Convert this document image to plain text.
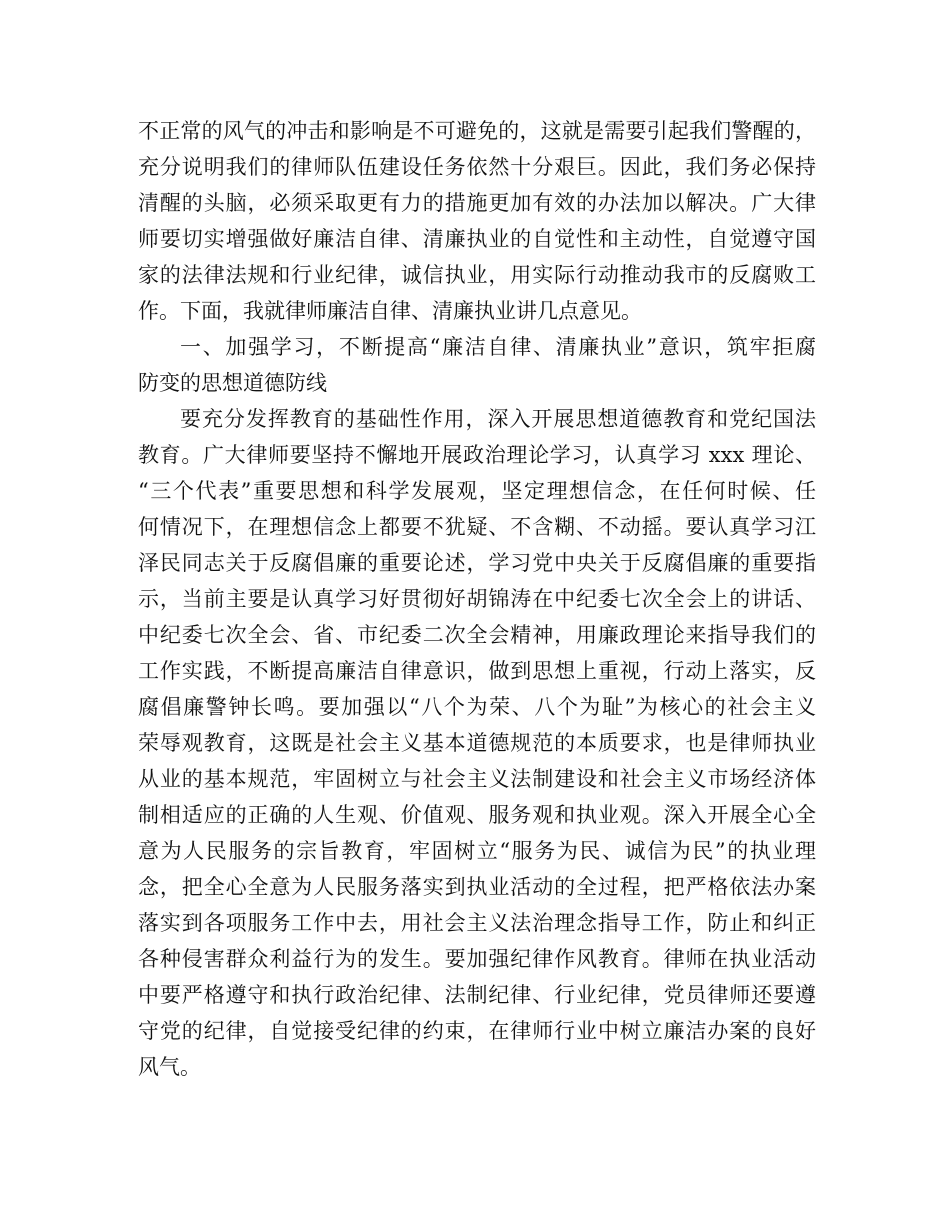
不正常的风气的冲击和影响是不可避免的，这就是需要引起我们警醒的，
充分说明我们的律师队伍建设任务依然十分艰巨。因此，我们务必保持
清醒的头脑，必须采取更有力的措施更加有效的办法加以解决。广大律
师要切实增强做好廉洁自律、清廉执业的自觉性和主动性，自觉遵守国
家的法律法规和行业纪律，诚信执业，用实际行动推动我市的反腐败工
作。下面，我就律师廉洁自律、清廉执业讲几点意见。
一、加强学习，不断提高“廉洁自律、清廉执业”意识，筑牢拒腐
防变的思想道德防线
要充分发挥教育的基础性作用，深入开展思想道德教育和党纪国法
教育。广大律师要坚持不懈地开展政治理论学习，认真学习 xxx 理论、
“三个代表”重要思想和科学发展观，坚定理想信念，在任何时候、任
何情况下，在理想信念上都要不犹疑、不含糊、不动摇。要认真学习江
泽民同志关于反腐倡廉的重要论述，学习党中央关于反腐倡廉的重要指
示，当前主要是认真学习好贯彻好胡锦涛在中纪委七次全会上的讲话、
中纪委七次全会、省、市纪委二次全会精神，用廉政理论来指导我们的
工作实践，不断提高廉洁自律意识，做到思想上重视，行动上落实，反
腐倡廉警钟长鸣。要加强以“八个为荣、八个为耻”为核心的社会主义
荣辱观教育，这既是社会主义基本道德规范的本质要求，也是律师执业
从业的基本规范，牢固树立与社会主义法制建设和社会主义市场经济体
制相适应的正确的人生观、价值观、服务观和执业观。深入开展全心全
意为人民服务的宗旨教育，牢固树立“服务为民、诚信为民”的执业理
念，把全心全意为人民服务落实到执业活动的全过程，把严格依法办案
落实到各项服务工作中去，用社会主义法治理念指导工作，防止和纠正
各种侵害群众利益行为的发生。要加强纪律作风教育。律师在执业活动
中要严格遵守和执行政治纪律、法制纪律、行业纪律，党员律师还要遵
守党的纪律，自觉接受纪律的约束，在律师行业中树立廉洁办案的良好
风气。
